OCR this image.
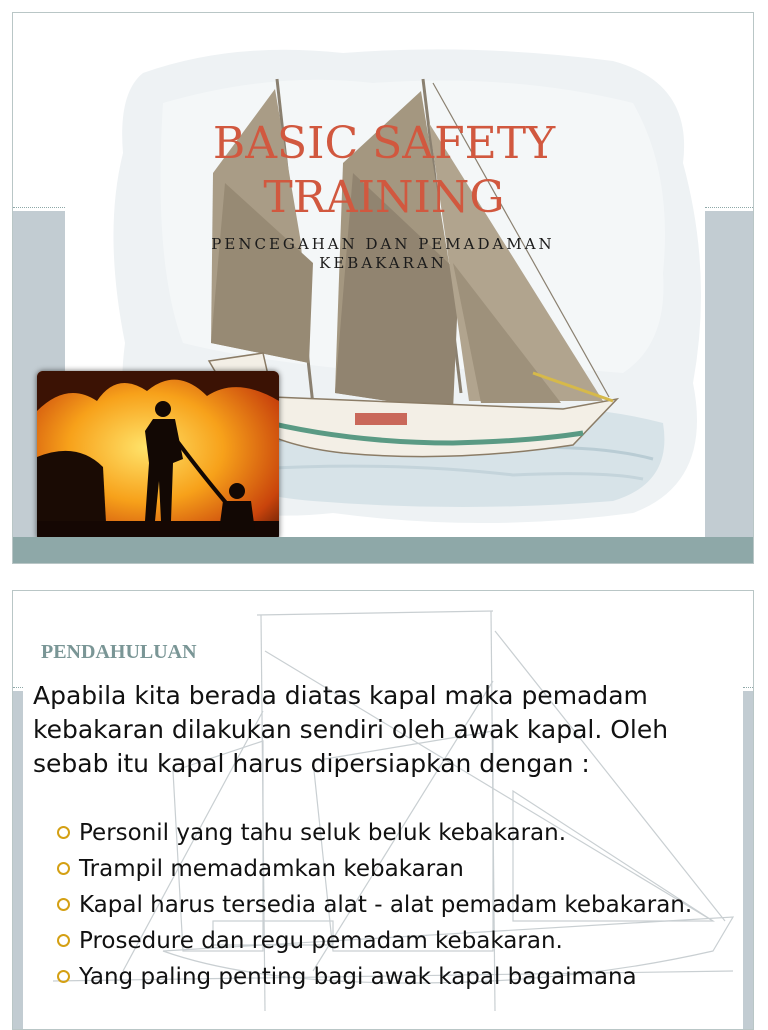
BASIC SAFETY
TRAINING

PENCEGAHAN DAN PEMADAMAN KEBAKARAN

PENDAHULUAN

Apabila kita berada diatas kapal maka pemadam kebakaran dilakukan sendiri oleh awak kapal. Oleh sebab itu kapal harus dipersiapkan dengan :

Personil yang tahu seluk beluk kebakaran.
Trampil memadamkan kebakaran
Kapal harus tersedia alat - alat pemadam kebakaran.
Prosedure dan regu pemadam kebakaran.
Yang paling penting bagi awak kapal bagaimana
